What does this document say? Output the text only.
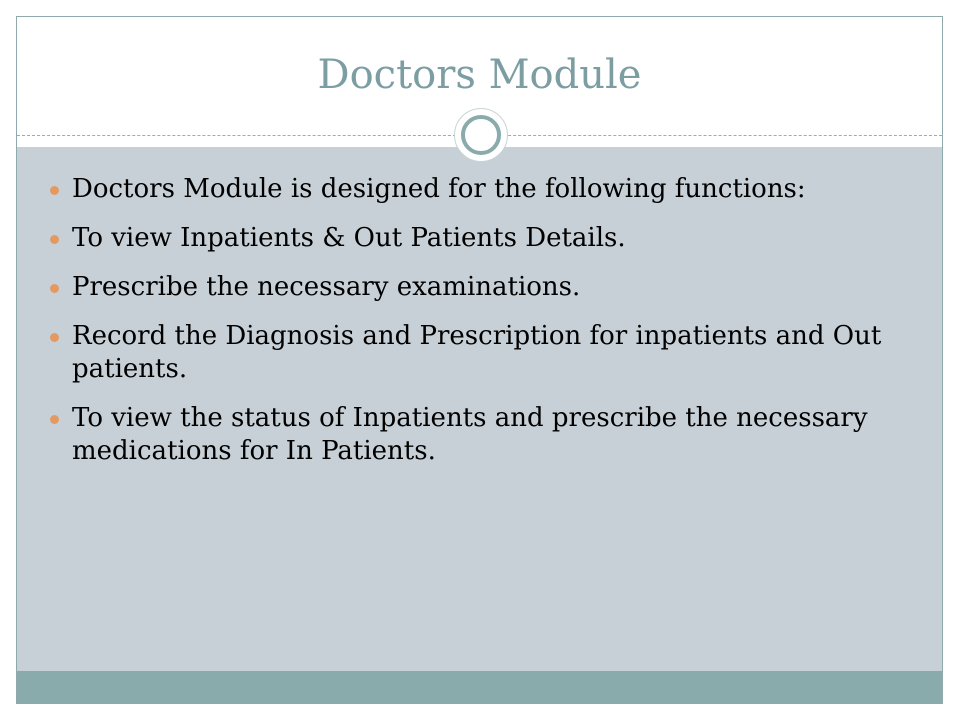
Doctors Module
Doctors Module is designed for the following functions:
To view Inpatients & Out Patients Details.
Prescribe the necessary examinations.
Record the Diagnosis and Prescription for inpatients and Out patients.
To view the status of Inpatients and prescribe the necessary medications for In Patients.
